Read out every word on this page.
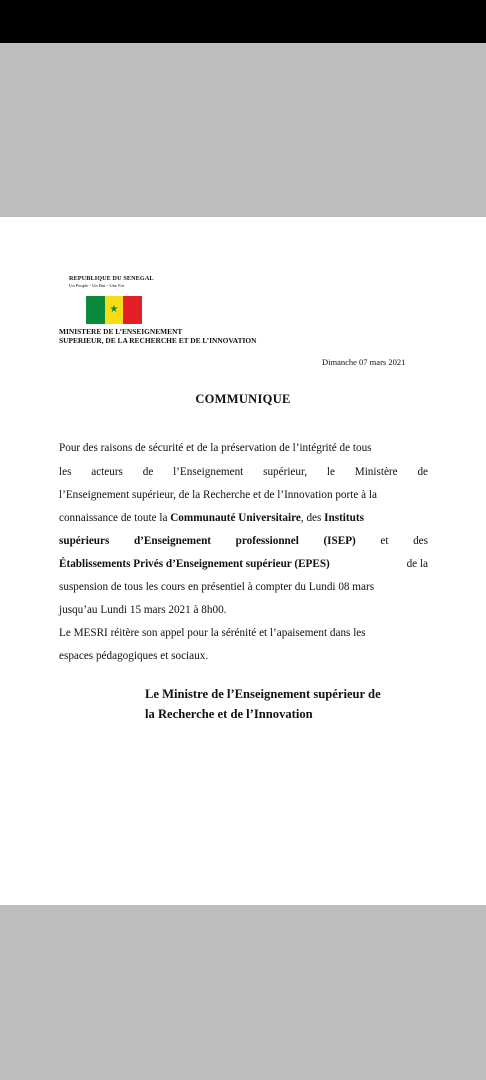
REPUBLIQUE DU SENEGAL
Un Peuple - Un But - Une Foi
★
MINISTERE DE L’ENSEIGNEMENT
SUPERIEUR, DE LA RECHERCHE ET DE L’INNOVATION
Dimanche 07 mars 2021
COMMUNIQUE
Pour des raisons de sécurité et de la préservation de l’intégrité de tous
les acteurs de l’Enseignement supérieur, le Ministère de
l’Enseignement supérieur, de la Recherche et de l’Innovation porte à la
connaissance de toute la Communauté Universitaire, des Instituts
supérieurs d’Enseignement professionnel (ISEP) et des
Établissements Privés d’Enseignement supérieur (EPES)	de la
suspension de tous les cours en présentiel à compter du Lundi 08 mars
jusqu’au Lundi 15 mars 2021 à 8h00.
Le MESRI réitère son appel pour la sérénité et l’apaisement dans les
espaces pédagogiques et sociaux.
Le Ministre de l’Enseignement supérieur de
la Recherche et de l’Innovation
